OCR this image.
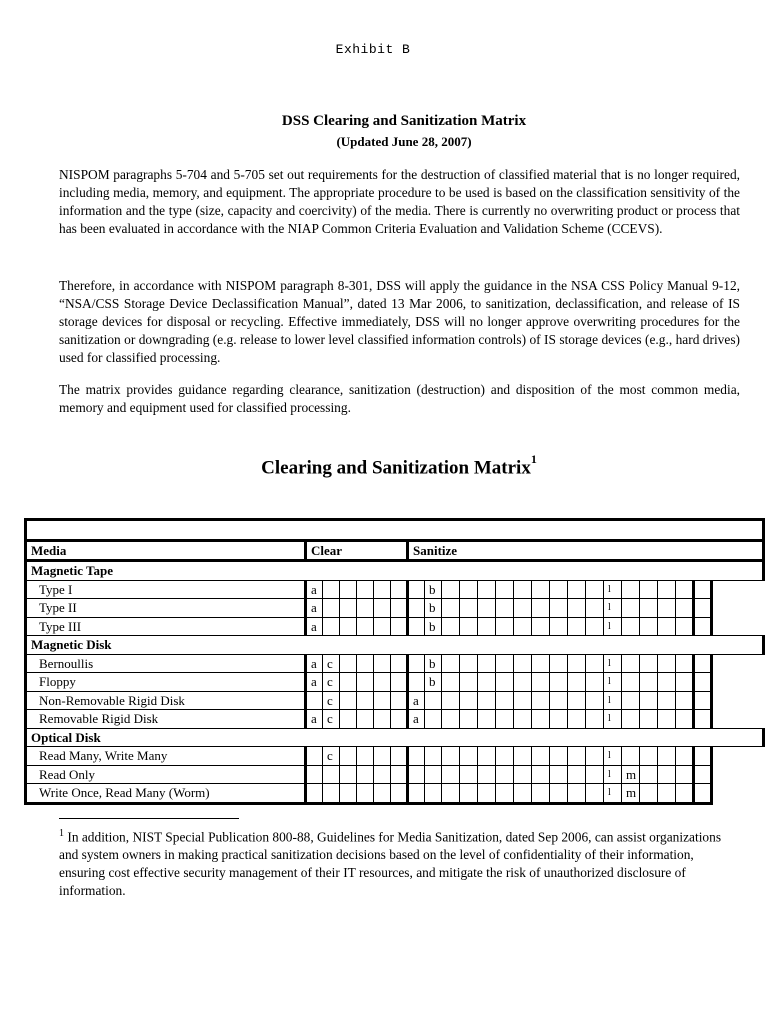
Exhibit B
DSS Clearing and Sanitization Matrix
(Updated June 28, 2007)

NISPOM paragraphs 5-704 and 5-705 set out requirements for the destruction of classified material that is no longer required, including media, memory, and equipment. The appropriate procedure to be used is based on the classification sensitivity of the information and the type (size, capacity and coercivity) of the media. There is currently no overwriting product or process that has been evaluated in accordance with the NIAP Common Criteria Evaluation and Validation Scheme (CCEVS).

Therefore, in accordance with NISPOM paragraph 8-301, DSS will apply the guidance in the NSA CSS Policy Manual 9-12, “NSA/CSS Storage Device Declassification Manual”, dated 13 Mar 2006, to sanitization, declassification, and release of IS storage devices for disposal or recycling. Effective immediately, DSS will no longer approve overwriting procedures for the sanitization or downgrading (e.g. release to lower level classified information controls) of IS storage devices (e.g., hard drives) used for classified processing.

The matrix provides guidance regarding clearance, sanitization (destruction) and disposition of the most common media, memory and equipment used for classified processing.

Clearing and Sanitization Matrix$^1$

Media	Clear						Sanitize																
Magnetic Tape																							
Type I	a							b										l					
Type II	a							b										l					
Type III	a							b										l					
Magnetic Disk																							
Bernoullis	a	c						b										l					
Floppy	a	c						b										l					
Non-Removable Rigid Disk		c					a											l					
Removable Rigid Disk	a	c					a											l					
Optical Disk																							
Read Many, Write Many		c																l					
Read Only																		l	m				
Write Once, Read Many (Worm)																		l	m				

$^1$ In addition, NIST Special Publication 800-88, Guidelines for Media Sanitization, dated Sep 2006, can assist organizations and system owners in making practical sanitization decisions based on the level of confidentiality of their information, ensuring cost effective security management of their IT resources, and mitigate the risk of unauthorized disclosure of information.
